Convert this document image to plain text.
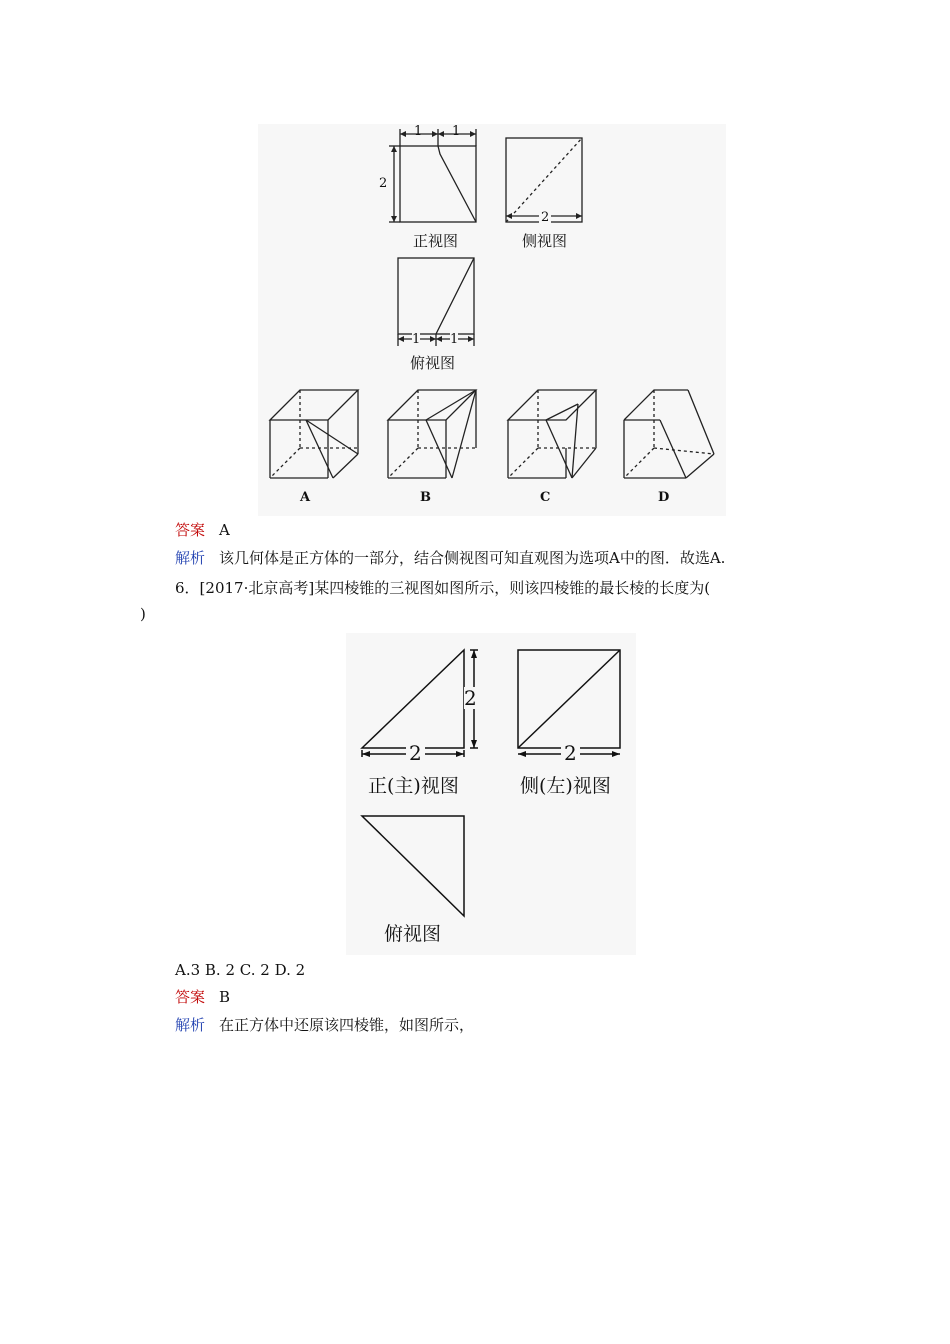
1 1
2
2
1 1
正视图	侧视图
俯视图
A	B	C	D
答案 A
解析 该几何体是正方体的一部分，结合侧视图可知直观图为选项A中的图．故选A.
6．[2017·北京高考]某四棱锥的三视图如图所示，则该四棱锥的最长棱的长度为(
)
2
2
2
正(主)视图	侧(左)视图
俯视图
A.3 B. 2 C. 2 D. 2
答案 B
解析 在正方体中还原该四棱锥，如图所示，
